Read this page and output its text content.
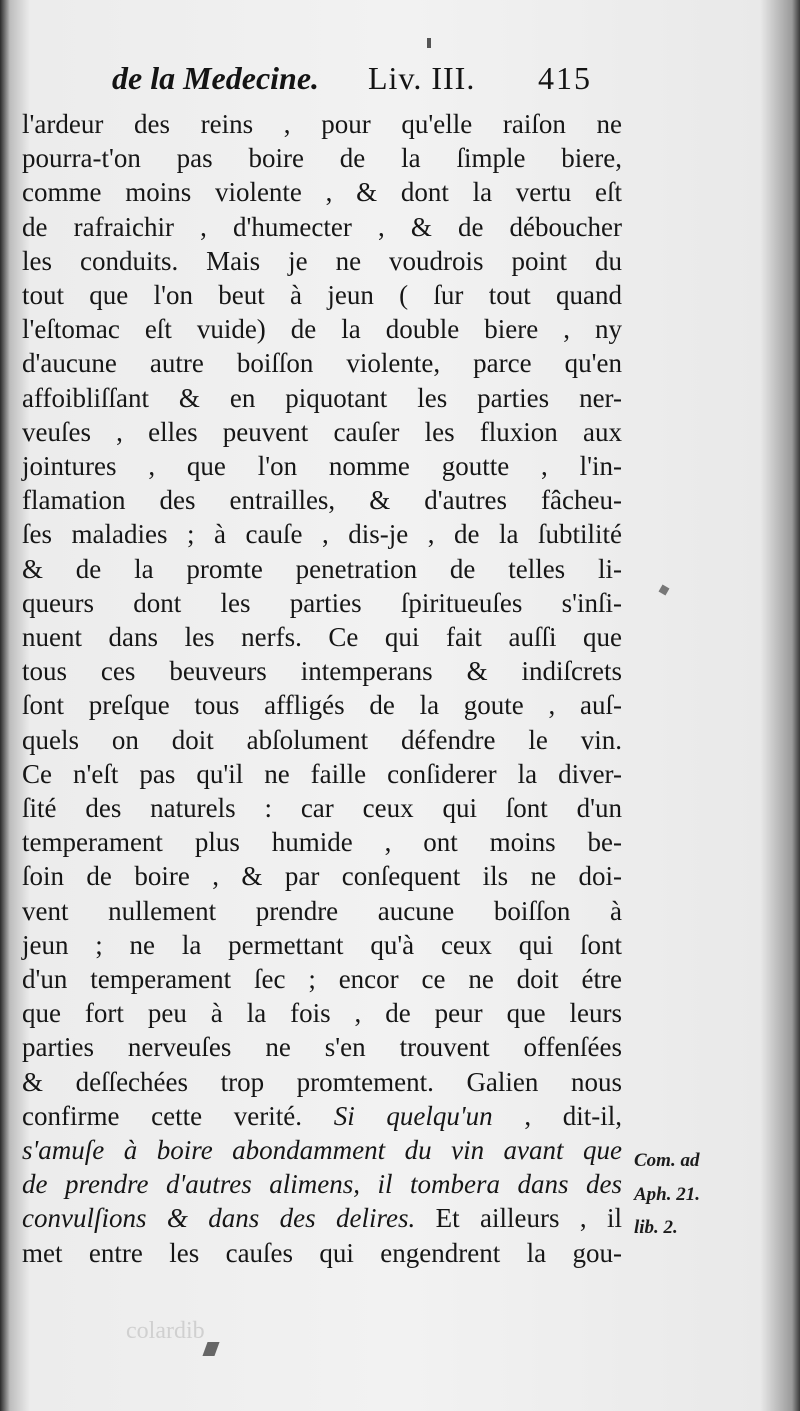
de la Medecine. Liv. III. 415
l'ardeur des reins , pour qu'elle raiſon ne
pourra-t'on pas boire de la ſimple biere,
comme moins violente , & dont la vertu eſt
de rafraichir , d'humecter , & de déboucher
les conduits. Mais je ne voudrois point du
tout que l'on beut à jeun ( ſur tout quand
l'eſtomac eſt vuide) de la double biere , ny
d'aucune autre boiſſon violente, parce qu'en
affoibliſſant & en piquotant les parties ner-
veuſes , elles peuvent cauſer les fluxion aux
jointures , que l'on nomme goutte , l'in-
flamation des entrailles, & d'autres fâcheu-
ſes maladies ; à cauſe , dis-je , de la ſubtilité
& de la promte penetration de telles li-
queurs dont les parties ſpiritueuſes s'inſi-
nuent dans les nerfs. Ce qui fait auſſi que
tous ces beuveurs intemperans & indiſcrets
ſont preſque tous affligés de la goute , auſ-
quels on doit abſolument défendre le vin.
Ce n'eſt pas qu'il ne faille conſiderer la diver-
ſité des naturels : car ceux qui ſont d'un
temperament plus humide , ont moins be-
ſoin de boire , & par conſequent ils ne doi-
vent nullement prendre aucune boiſſon à
jeun ; ne la permettant qu'à ceux qui ſont
d'un temperament ſec ; encor ce ne doit étre
que fort peu à la fois , de peur que leurs
parties nerveuſes ne s'en trouvent offenſées
& deſſechées trop promtement. Galien nous
confirme cette verité. Si quelqu'un , dit-il,
s'amuſe à boire abondamment du vin avant que
de prendre d'autres alimens, il tombera dans des
convulſions & dans des delires. Et ailleurs , il
met entre les cauſes qui engendrent la gou-
Com. ad
Aph. 21.
lib. 2.
colardib
